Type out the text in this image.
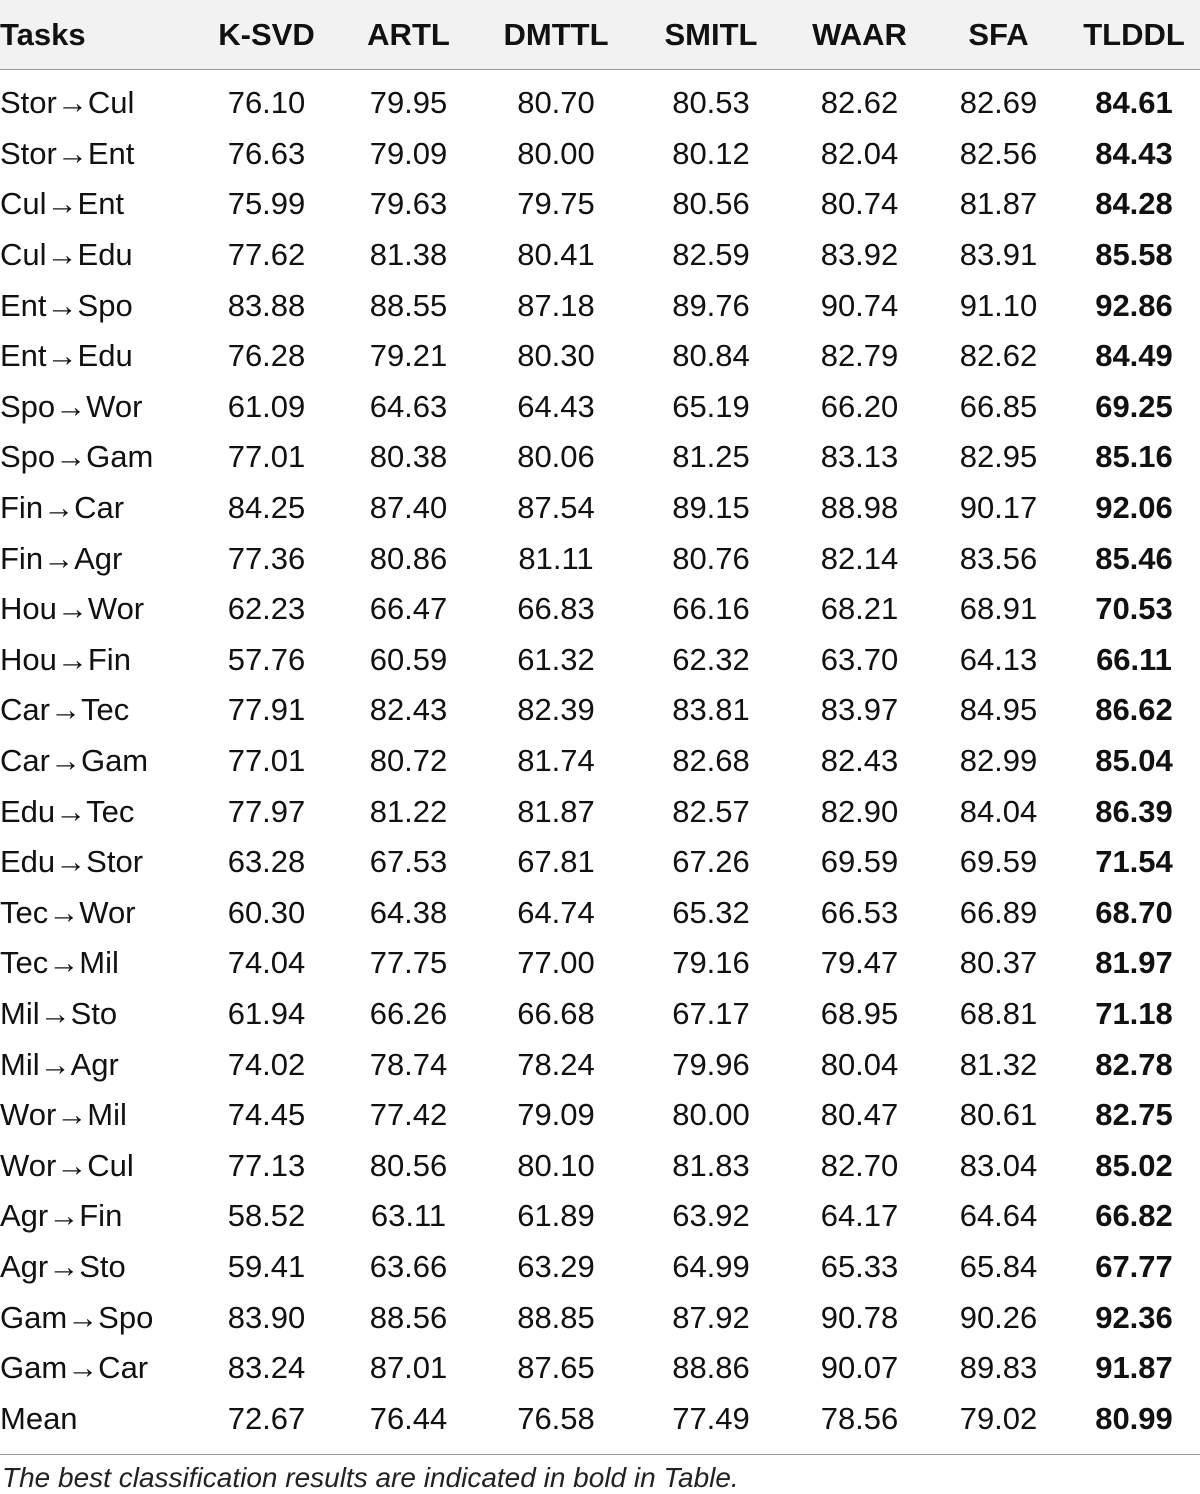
Tasks	K-SVD	ARTL	DMTTL	SMITL	WAAR	SFA	TLDDL
Stor→Cul	76.10	79.95	80.70	80.53	82.62	82.69	84.61
Stor→Ent	76.63	79.09	80.00	80.12	82.04	82.56	84.43
Cul→Ent	75.99	79.63	79.75	80.56	80.74	81.87	84.28
Cul→Edu	77.62	81.38	80.41	82.59	83.92	83.91	85.58
Ent→Spo	83.88	88.55	87.18	89.76	90.74	91.10	92.86
Ent→Edu	76.28	79.21	80.30	80.84	82.79	82.62	84.49
Spo→Wor	61.09	64.63	64.43	65.19	66.20	66.85	69.25
Spo→Gam	77.01	80.38	80.06	81.25	83.13	82.95	85.16
Fin→Car	84.25	87.40	87.54	89.15	88.98	90.17	92.06
Fin→Agr	77.36	80.86	81.11	80.76	82.14	83.56	85.46
Hou→Wor	62.23	66.47	66.83	66.16	68.21	68.91	70.53
Hou→Fin	57.76	60.59	61.32	62.32	63.70	64.13	66.11
Car→Tec	77.91	82.43	82.39	83.81	83.97	84.95	86.62
Car→Gam	77.01	80.72	81.74	82.68	82.43	82.99	85.04
Edu→Tec	77.97	81.22	81.87	82.57	82.90	84.04	86.39
Edu→Stor	63.28	67.53	67.81	67.26	69.59	69.59	71.54
Tec→Wor	60.30	64.38	64.74	65.32	66.53	66.89	68.70
Tec→Mil	74.04	77.75	77.00	79.16	79.47	80.37	81.97
Mil→Sto	61.94	66.26	66.68	67.17	68.95	68.81	71.18
Mil→Agr	74.02	78.74	78.24	79.96	80.04	81.32	82.78
Wor→Mil	74.45	77.42	79.09	80.00	80.47	80.61	82.75
Wor→Cul	77.13	80.56	80.10	81.83	82.70	83.04	85.02
Agr→Fin	58.52	63.11	61.89	63.92	64.17	64.64	66.82
Agr→Sto	59.41	63.66	63.29	64.99	65.33	65.84	67.77
Gam→Spo	83.90	88.56	88.85	87.92	90.78	90.26	92.36
Gam→Car	83.24	87.01	87.65	88.86	90.07	89.83	91.87
Mean	72.67	76.44	76.58	77.49	78.56	79.02	80.99
The best classification results are indicated in bold in Table.
